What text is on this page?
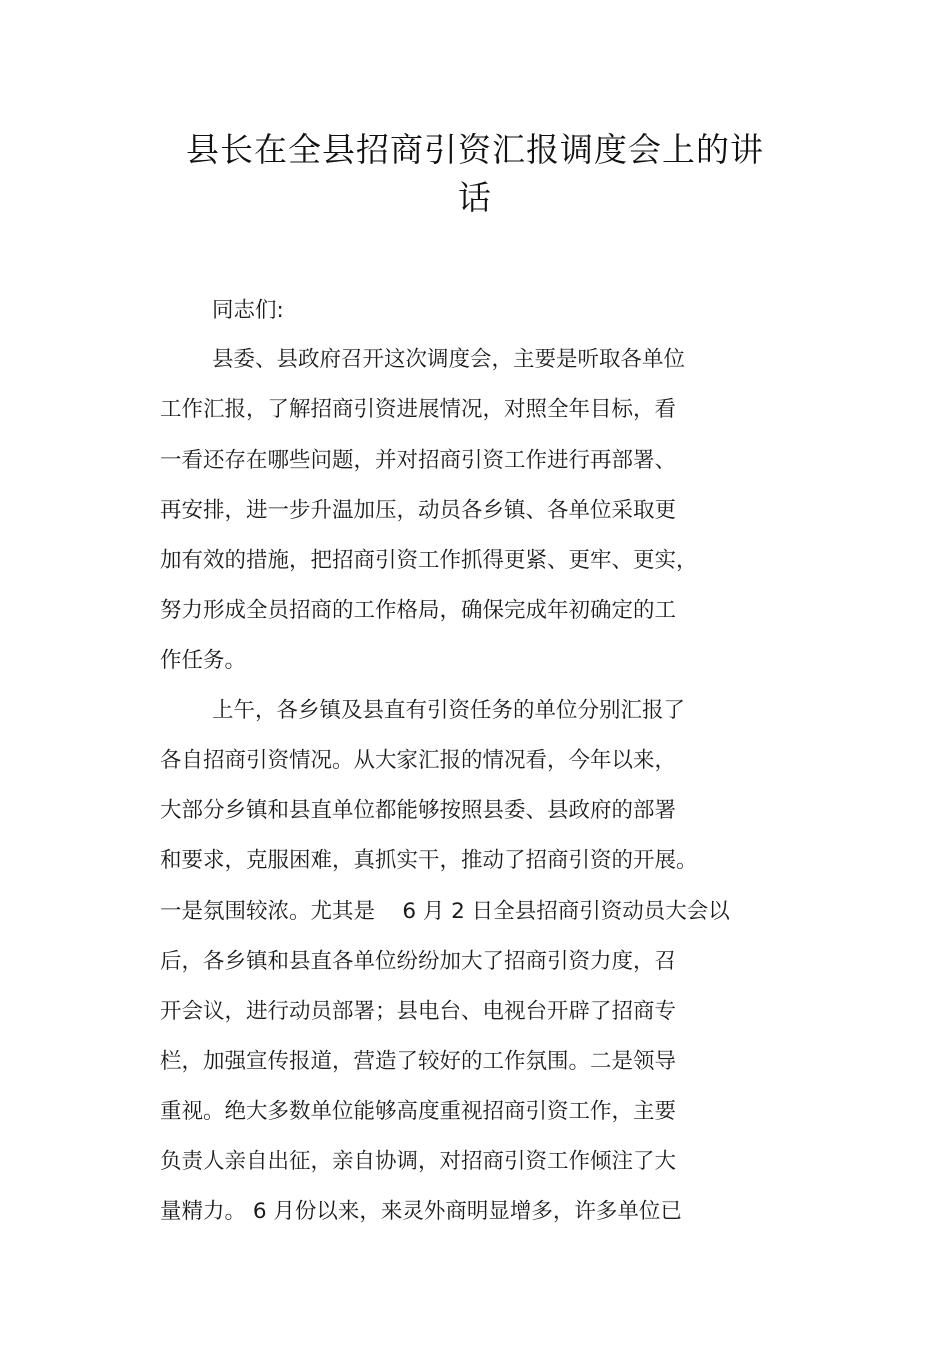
县长在全县招商引资汇报调度会上的讲
话
同志们:
县委、县政府召开这次调度会，主要是听取各单位
工作汇报，了解招商引资进展情况，对照全年目标，看
一看还存在哪些问题，并对招商引资工作进行再部署、
再安排，进一步升温加压，动员各乡镇、各单位采取更
加有效的措施，把招商引资工作抓得更紧、更牢、更实，
努力形成全员招商的工作格局，确保完成年初确定的工
作任务。
上午，各乡镇及县直有引资任务的单位分别汇报了
各自招商引资情况。从大家汇报的情况看，今年以来，
大部分乡镇和县直单位都能够按照县委、县政府的部署
和要求，克服困难，真抓实干，推动了招商引资的开展。
一是氛围较浓。尤其是    6 月 2 日全县招商引资动员大会以
后，各乡镇和县直各单位纷纷加大了招商引资力度，召
开会议，进行动员部署；县电台、电视台开辟了招商专
栏，加强宣传报道，营造了较好的工作氛围。二是领导
重视。绝大多数单位能够高度重视招商引资工作，主要
负责人亲自出征，亲自协调，对招商引资工作倾注了大
量精力。 6 月份以来，来灵外商明显增多，许多单位已
